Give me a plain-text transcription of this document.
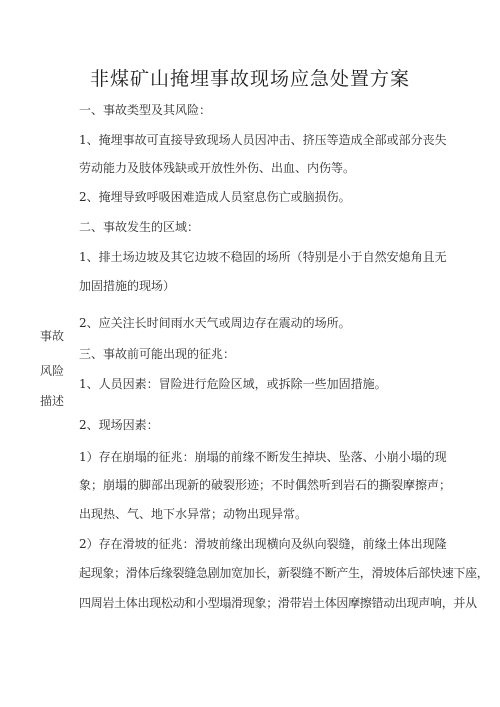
非煤矿山掩埋事故现场应急处置方案
事故
风险
描述
一、事故类型及其风险：
1、掩埋事故可直接导致现场人员因冲击、挤压等造成全部或部分丧失
劳动能力及肢体残缺或开放性外伤、出血、内伤等。
2、掩埋导致呼吸困难造成人员窒息伤亡或脑损伤。
二、事故发生的区域：
1、排土场边坡及其它边坡不稳固的场所（特别是小于自然安熄角且无
加固措施的现场）
2、应关注长时间雨水天气或周边存在震动的场所。
三、事故前可能出现的征兆：
1、人员因素：冒险进行危险区域，或拆除一些加固措施。
2、现场因素：
1）存在崩塌的征兆：崩塌的前缘不断发生掉块、坠落、小崩小塌的现
象；崩塌的脚部出现新的破裂形迹；不时偶然听到岩石的撕裂摩擦声；
出现热、气、地下水异常；动物出现异常。
2）存在滑坡的征兆：滑坡前缘出现横向及纵向裂缝，前缘土体出现隆
起现象；滑体后缘裂缝急剧加宽加长，新裂缝不断产生，滑坡体后部快速下座，
四周岩土体出现松动和小型塌滑现象；滑带岩土体因摩擦错动出现声响，并从
